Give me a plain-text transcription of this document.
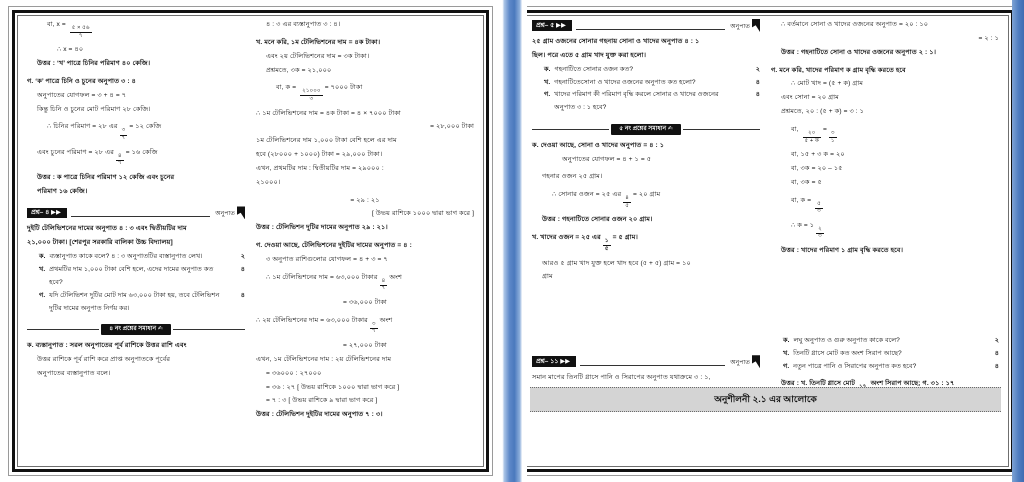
বা, x = ৫ × ৫৬
৭
∴ x = ৪০
উত্তর : ‘খ’ পাত্রে চিনির পরিমাণ ৪০ কেজি।
গ. ‘ক’ পাত্রে চিনি ও চুনের অনুপাত ৩ : ৪
অনুপাতের যোগফল = ৩ + ৪ = ৭
কিন্তু চিনি ও চুনের মোট পরিমাণ ২৮ কেজি।
∴ চিনির পরিমাণ = ২৮ এর ৩
৭
= ১২ কেজি
এবং চুনের পরিমাণ = ২৮ এর ৪
৭
= ১৬ কেজি
উত্তর : ক পাত্রে চিনির পরিমাণ ১২ কেজি এবং চুনের
পরিমাণ ১৬ কেজি।
প্রশ্ন– ৪ ▶▶	অনুপাত
দুইটি টেলিভিশনের দামের অনুপাত ৪ : ৩ এবং দ্বিতীয়টির দাম
২১,০০০ টাকা। [শেরপুর সরকারি বালিকা উচ্চ বিদ্যালয়]
ক. ব্যস্তানুপাত কাকে বলে? ৪ : ৩ অনুপাতটির ব্যস্তানুপাত লেখ।	২
খ. প্রথমটির দাম ১,০০০ টাকা বেশি হলে, এদের দামের অনুপাত কত হবে?
৪
গ. যদি টেলিভিশন দুটির মোট দাম ৬৩,০০০ টাকা হয়, তবে টেলিভিশন দুটির দামের অনুপাত নির্ণয় কর।
৪
৪ নং প্রশ্নের সমাধান ✍
ক. ব্যস্তানুপাত : সরল অনুপাতের পূর্ব রাশিকে উত্তর রাশি এবং
উত্তর রাশিকে পূর্ব রাশি করে প্রাপ্ত অনুপাতকে পূর্বের
অনুপাতের ব্যস্তানুপাত বলে।
৪ : ৩ এর ব্যস্তানুপাত ৩ : ৪।
খ. মনে করি, ১ম টেলিভিশনের দাম = ৪ক টাকা।
এবং ২য় টেলিভিশনের দাম = ৩ক টাকা।
প্রশ্নমতে, ৩ক = ২১,০০০
বা, ক = ২১০০০
৩
= ৭০০০ টাকা
∴ ১ম টেলিভিশনের দাম = ৪ক টাকা = ৪ × ৭০০০ টাকা
= ২৮,০০০ টাকা
১ম টেলিভিশনের দাম ১,০০০ টাকা বেশি হলে এর দাম
হবে (২৮০০০ + ১০০০) টাকা = ২৯,০০০ টাকা।
এখন, প্রথমটির দাম : দ্বিতীয়টির দাম = ২৯০০০ :
২১০০০।
= ২৯ : ২১
[ উভয় রাশিকে ১০০০ দ্বারা ভাগ করে ]
উত্তর : টেলিভিশন দুটির দামের অনুপাত ২৯ : ২১।
গ. দেওয়া আছে, টেলিভিশনের দুইটির দামের অনুপাত = ৪ :
৩ অনুপাত রাশিগুলোর যোগফল = ৪ + ৩ = ৭
∴ ১ম টেলিভিশনের দাম = ৬৩,০০০ টাকার ৪
৭
অংশ
= ৩৬,০০০ টাকা
∴ ২য় টেলিভিশনের দাম = ৬৩,০০০ টাকার ৩
৭
অংশ
= ২৭,০০০ টাকা
এখন, ১ম টেলিভিশনের দাম : ২য় টেলিভিশনের দাম
= ৩৬০০০ : ২৭০০০
= ৩৬ : ২৭ [ উভয় রাশিকে ১০০০ দ্বারা ভাগ করে ]
= ৭ : ৩ [ উভয় রাশিকে ৯ দ্বারা ভাগ করে ]
উত্তর : টেলিভিশন দুইটির দামের অনুপাত ৭ : ৩।
প্রশ্ন– ৫ ▶▶	অনুপাত
২৫ গ্রাম ওজনের সোনার গহনায় সোনা ও খাদের অনুপাত ৪ : ১
ছিল। পরে এতে ৫ গ্রাম খাদ যুক্ত করা হলো।
ক. গহনাটিতে সোনার ওজন কত?	২
খ. গহনাটিতেসোনা ও খাদের ওজনের অনুপাত কত হলো?	৪
গ. খাদের পরিমাণ কী পরিমাণ বৃদ্ধি করলে সোনার ও খাদের ওজনের অনুপাত ৩ : ১ হবে?
৪
৫ নং প্রশ্নের সমাধান ✍
ক. দেওয়া আছে, সোনা ও খাদের অনুপাত = ৪ : ১
অনুপাতের যোগফল = ৪ + ১ = ৫
গহনার ওজন ২৫ গ্রাম।
∴ সোনার ওজন = ২৫ এর ৪
৫
= ২০ গ্রাম
উত্তর : গহনাটিতে সোনার ওজন ২০ গ্রাম।
খ. খাদের ওজন = ২৫ এর ১
৫
= ৫ গ্রাম।
আরও ৫ গ্রাম খাদ যুক্ত হলে খাদ হবে (৫ + ৫) গ্রাম = ১০
গ্রাম
প্রশ্ন– ১১ ▶▶	অনুপাত
সমান মাপের তিনটি গ্লাসে পানি ও সিরাপের অনুপাত যথাক্রমে ৩ : ১,
∴ বর্তমানে সোনা ও খাদের ওজনের অনুপাত = ২০ : ১০
= ২ : ১
উত্তর : গহনাটিতে সোনা ও খাদের ওজনের অনুপাত ২ : ১।
গ. মনে করি, খাদের পরিমাণ ক গ্রাম বৃদ্ধি করতে হবে
∴ মোট খাদ = (৫ + ক) গ্রাম
এবং সোনা = ২০ গ্রাম
প্রশ্নমতে, ২০ : (৫ + ক) = ৩ : ১
বা,	২০
৫ + ক
= ৩
১
বা, ১৫ + ৩ ক = ২০
বা, ৩ক = ২০ – ১৫
বা, ৩ক = ৫
বা, ক = ৫
৩
∴ ক = ১ ২
৩
উত্তর : খাদের পরিমাণ ১ গ্রাম বৃদ্ধি করতে হবে।
ক. লঘু অনুপাত ও গুরু অনুপাত কাকে বলে?	২
খ. তিনটি গ্লাসে মোট কত অংশ সিরাপ আছে?	৪
গ. নতুন পাত্রে পানি ও সিরাপের অনুপাত কত হবে?	৪
উত্তর : খ. তিনটি গ্লাসে মোট অংশ সিরাপ আছে; গ. ৩১ : ১৭
অনুশীলনী ২.১ এর আলোকে
